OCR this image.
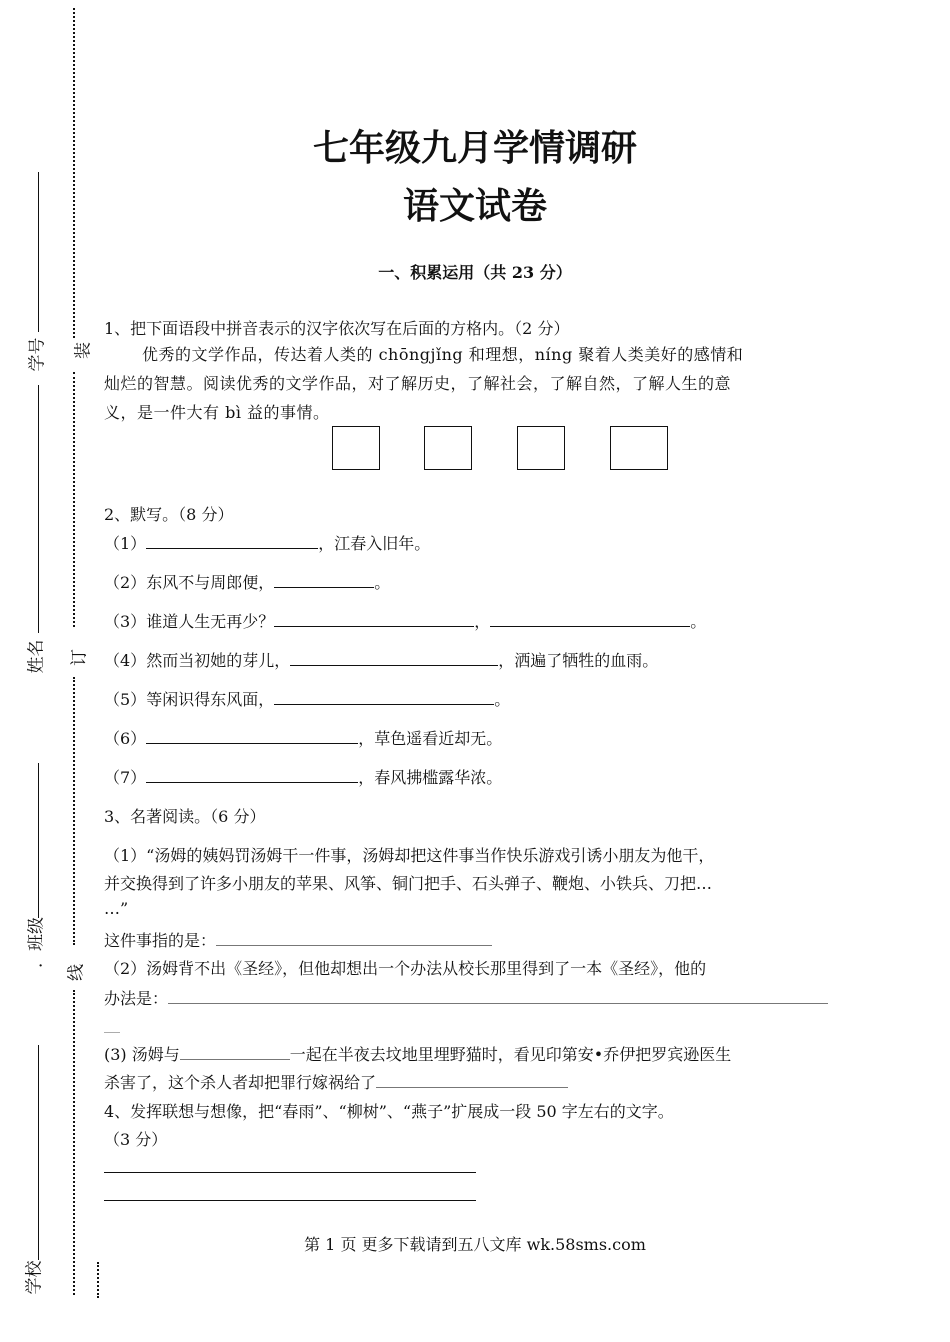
装
订
线
学号
姓名
．班级
学校
七年级九月学情调研
语文试卷
一、积累运用（共 23 分）
1、把下面语段中拼音表示的汉字依次写在后面的方格内。（2 分）
优秀的文学作品，传达着人类的 chōngjǐng 和理想，níng 聚着人类美好的感情和
灿烂的智慧。阅读优秀的文学作品，对了解历史，了解社会，了解自然，了解人生的意
义，是一件大有 bì 益的事情。
2、默写。（8 分）
（1）	，江春入旧年。
（2）东风不与周郎便，	。
（3）谁道人生无再少？	，	。
（4）然而当初她的芽儿，	，洒遍了牺牲的血雨。
（5）等闲识得东风面，	。
（6）	，草色遥看近却无。
（7）	，春风拂槛露华浓。
3、名著阅读。（6 分）
（1）“汤姆的姨妈罚汤姆干一件事，汤姆却把这件事当作快乐游戏引诱小朋友为他干，
并交换得到了许多小朋友的苹果、风筝、铜门把手、石头弹子、鞭炮、小铁兵、刀把…
…”
这件事指的是：
（2）汤姆背不出《圣经》，但他却想出一个办法从校长那里得到了一本《圣经》，他的
办法是：
__
(3) 汤姆与	一起在半夜去坟地里埋野猫时，看见印第安•乔伊把罗宾逊医生
杀害了，这个杀人者却把罪行嫁祸给了
4、发挥联想与想像，把“春雨”、“柳树”、“燕子”扩展成一段 50 字左右的文字。
（3 分）
第 1 页 更多下载请到五八文库 wk.58sms.com
